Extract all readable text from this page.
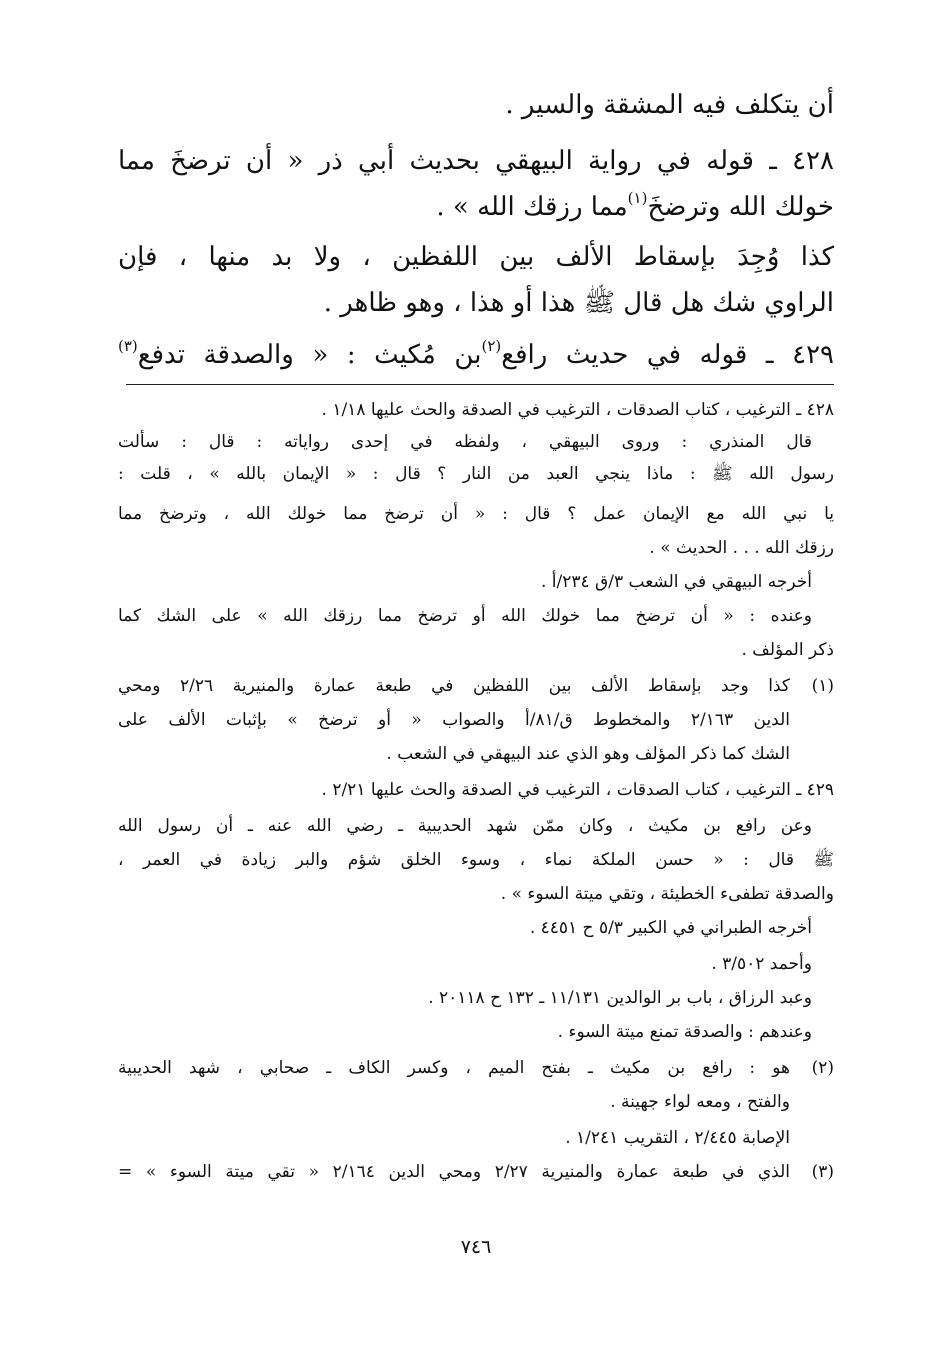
أن يتكلف فيه المشقة والسير .
٤٢٨ ـ قوله في رواية البيهقي بحديث أبي ذر « أن ترضخَ مما
خولك الله وترضخَ$^{(١)}$مما رزقك الله » .
كذا وُجِدَ بإسقاط الألف بين اللفظين ، ولا بد منها ، فإن
الراوي شك هل قال ﷺ هذا أو هذا ، وهو ظاهر .
٤٢٩ ـ قوله في حديث رافع$^{(٢)}$بن مُكيث : « والصدقة تدفع$^{(٣)}$
٤٢٨ ـ الترغيب ، كتاب الصدقات ، الترغيب في الصدقة والحث عليها ١/١٨ .
قال المنذري : وروى البيهقي ، ولفظه في إحدى رواياته : قال : سألت
رسول الله ﷺ : ماذا ينجي العبد من النار ؟ قال : « الإيمان بالله » ، قلت :
يا نبي الله مع الإيمان عمل ؟ قال : « أن ترضخ مما خولك الله ، وترضخ مما
رزقك الله . . . الحديث » .
أخرجه البيهقي في الشعب ٣/ق ٢٣٤/أ .
وعنده : « أن ترضخ مما خولك الله أو ترضخ مما رزقك الله » على الشك كما
ذكر المؤلف .
(١)
كذا وجد بإسقاط الألف بين اللفظين في طبعة عمارة والمنيرية ٢/٢٦ ومحي
الدين ٢/١٦٣ والمخطوط ق/٨١/أ والصواب « أو ترضخ » بإثبات الألف على
الشك كما ذكر المؤلف وهو الذي عند البيهقي في الشعب .
٤٢٩ ـ الترغيب ، كتاب الصدقات ، الترغيب في الصدقة والحث عليها ٢/٢١ .
وعن رافع بن مكيث ، وكان ممّن شهد الحديبية ـ رضي الله عنه ـ أن رسول الله
ﷺ قال : « حسن الملكة نماء ، وسوء الخلق شؤم والبر زيادة في العمر ،
والصدقة تطفىء الخطيئة ، وتقي ميتة السوء » .
أخرجه الطبراني في الكبير ٥/٣ ح ٤٤٥١ .
وأحمد ٣/٥٠٢ .
وعبد الرزاق ، باب بر الوالدين ١١/١٣١ ـ ١٣٢ ح ٢٠١١٨ .
وعندهم : والصدقة تمنع ميتة السوء .
(٢)
هو : رافع بن مكيث ـ بفتح الميم ، وكسر الكاف ـ صحابي ، شهد الحديبية
والفتح ، ومعه لواء جهينة .
الإصابة ٢/٤٤٥ ، التقريب ١/٢٤١ .
(٣)
الذي في طبعة عمارة والمنيرية ٢/٢٧ ومحي الدين ٢/١٦٤ « تقي ميتة السوء » =
٧٤٦
